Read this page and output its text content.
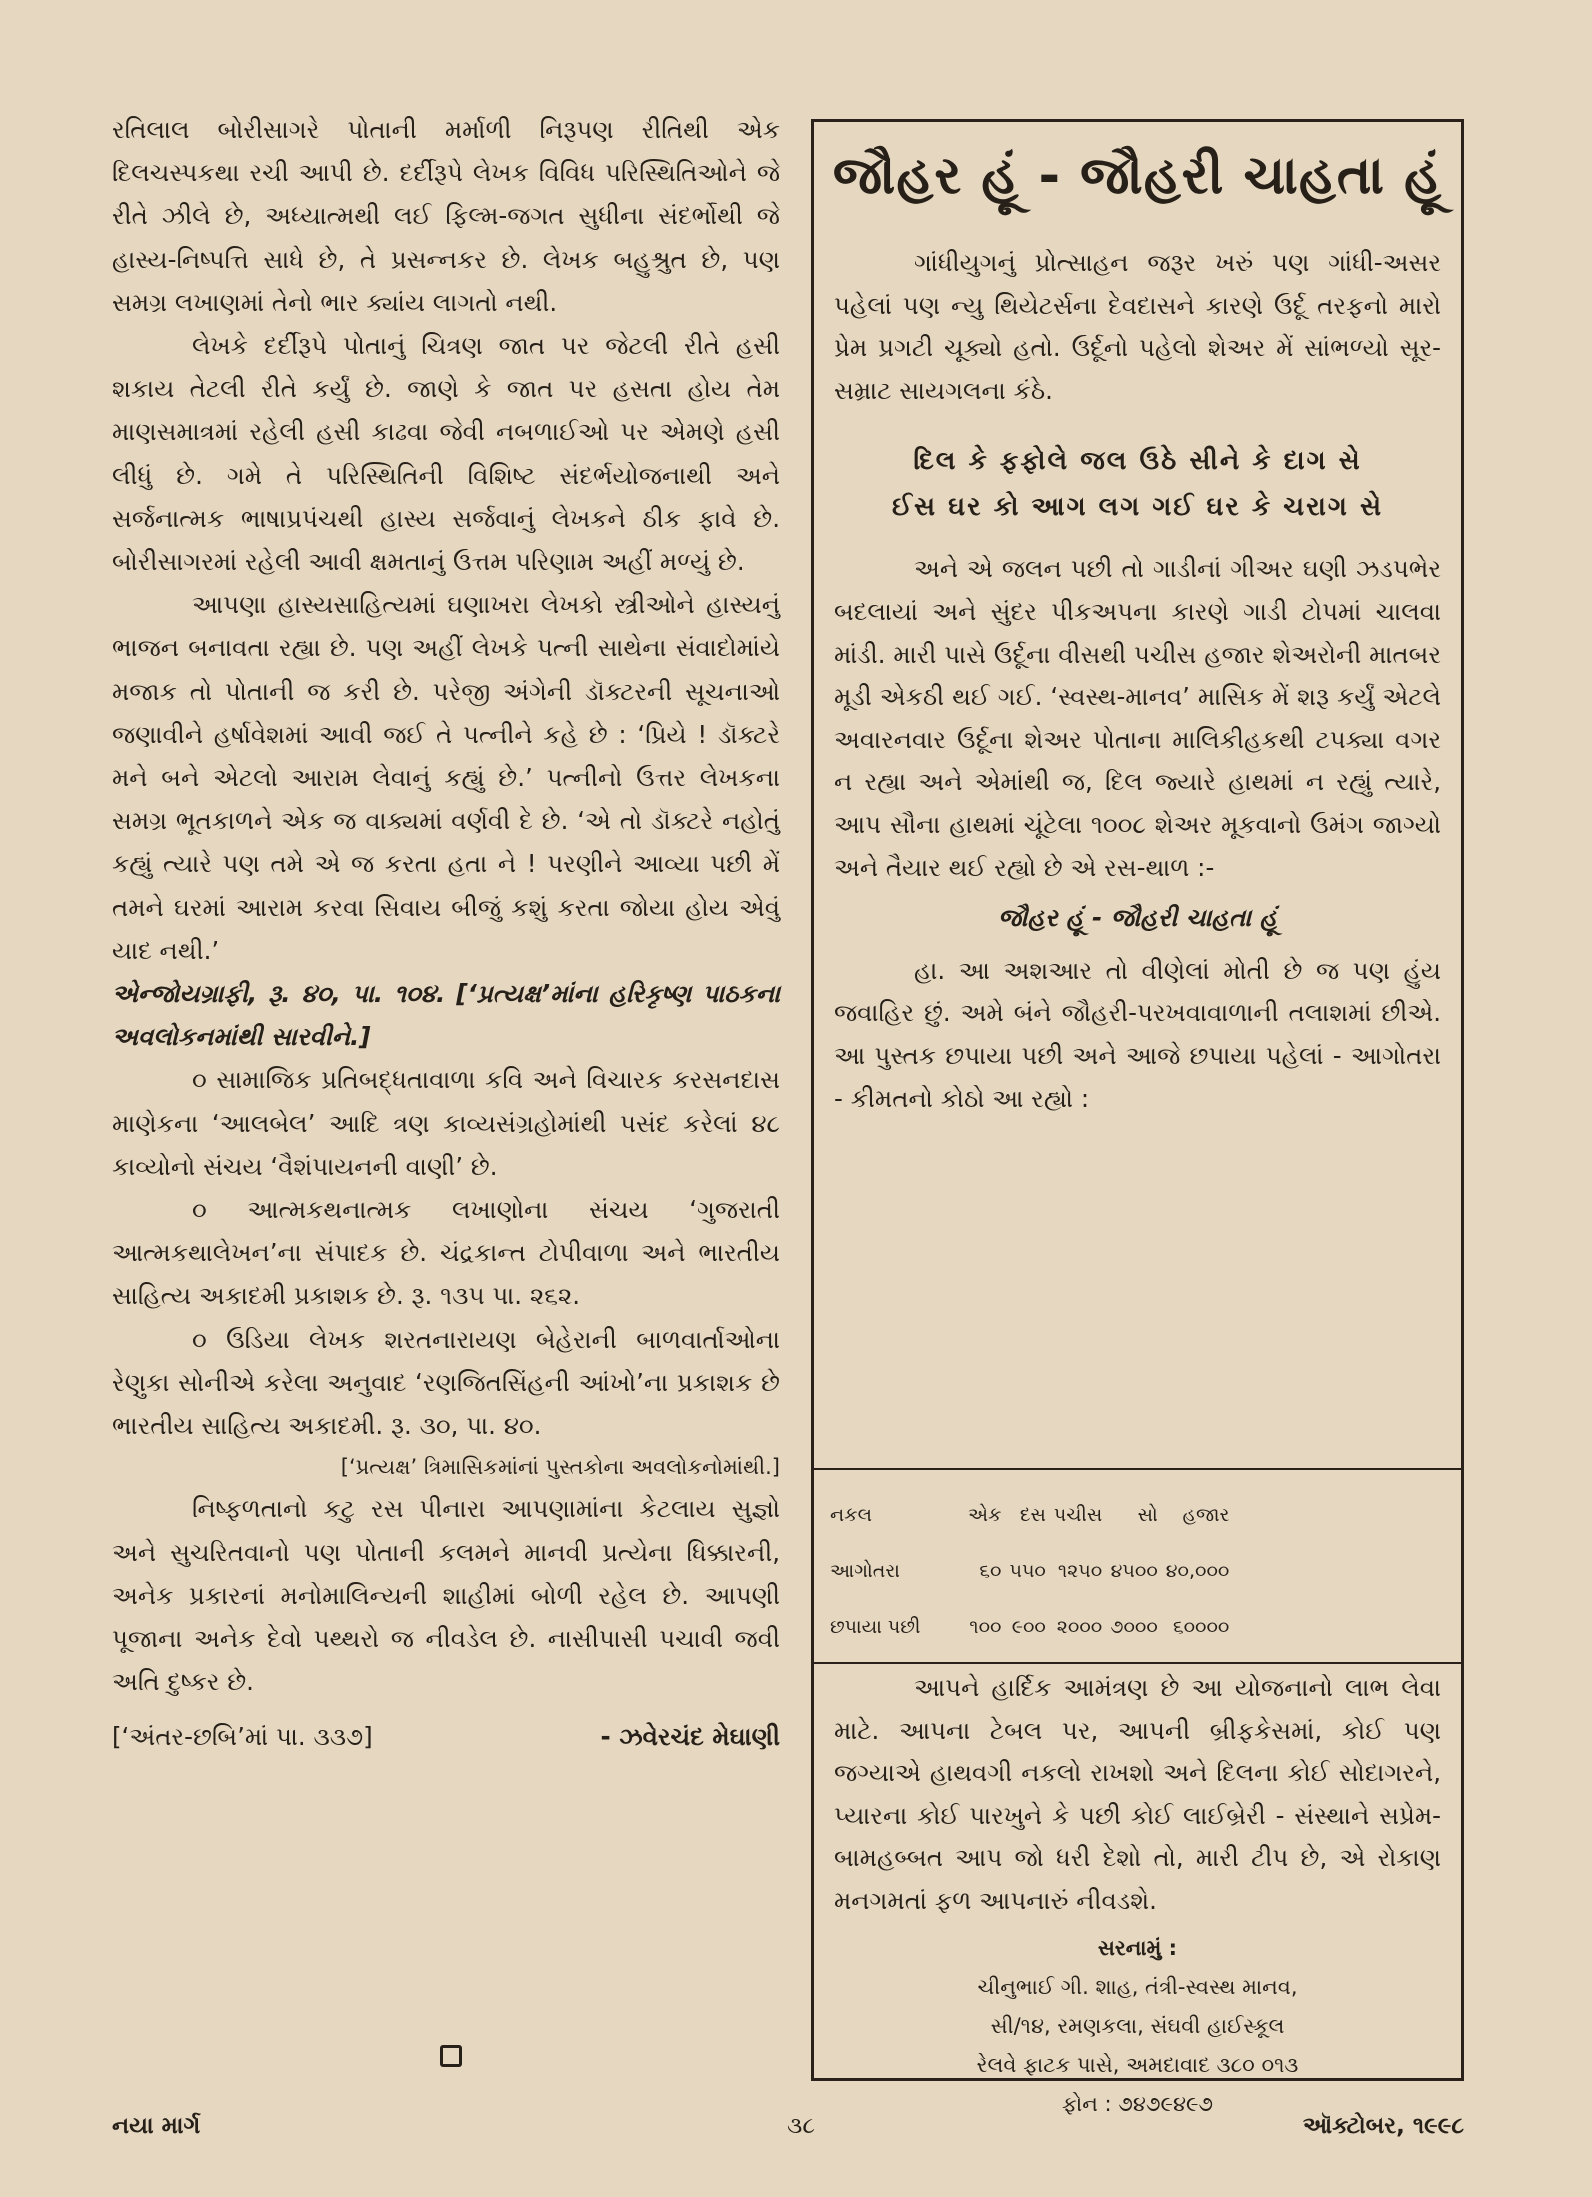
રતિલાલ બોરીસાગરે પોતાની મર્માળી નિરૂપણ રીતિથી એક દિલચસ્પકથા રચી આપી છે. દર્દીરૂપે લેખક વિવિધ પરિસ્થિતિઓને જે રીતે ઝીલે છે, અધ્યાત્મથી લઈ ફિલ્મ-જગત સુધીના સંદર્ભોથી જે હાસ્ય-નિષ્પત્તિ સાધે છે, તે પ્રસન્નકર છે. લેખક બહુશ્રુત છે, પણ સમગ્ર લખાણમાં તેનો ભાર ક્યાંય લાગતો નથી.

લેખકે દર્દીરૂપે પોતાનું ચિત્રણ જાત પર જેટલી રીતે હસી શકાય તેટલી રીતે કર્યું છે. જાણે કે જાત પર હસતા હોય તેમ માણસમાત્રમાં રહેલી હસી કાઢવા જેવી નબળાઈઓ પર એમણે હસી લીધું છે. ગમે તે પરિસ્થિતિની વિશિષ્ટ સંદર્ભયોજનાથી અને સર્જનાત્મક ભાષાપ્રપંચથી હાસ્ય સર્જવાનું લેખકને ઠીક ફાવે છે. બોરીસાગરમાં રહેલી આવી ક્ષમતાનું ઉત્તમ પરિણામ અહીં મળ્યું છે.

આપણા હાસ્યસાહિત્યમાં ઘણાખરા લેખકો સ્ત્રીઓને હાસ્યનું ભાજન બનાવતા રહ્યા છે. પણ અહીં લેખકે પત્ની સાથેના સંવાદોમાંયે મજાક તો પોતાની જ કરી છે. પરેજી અંગેની ડૉક્ટરની સૂચનાઓ જણાવીને હર્ષાવેશમાં આવી જઈ તે પત્નીને કહે છે : ‘પ્રિયે ! ડૉક્ટરે મને બને એટલો આરામ લેવાનું કહ્યું છે.’ પત્નીનો ઉત્તર લેખકના સમગ્ર ભૂતકાળને એક જ વાક્યમાં વર્ણવી દે છે. ‘એ તો ડૉક્ટરે નહોતું કહ્યું ત્યારે પણ તમે એ જ કરતા હતા ને ! પરણીને આવ્યા પછી મેં તમને ઘરમાં આરામ કરવા સિવાય બીજું કશું કરતા જોયા હોય એવું યાદ નથી.’

એન્જોયગ્રાફી, રૂ. ૪૦, પા. ૧૦૪. [‘પ્રત્યક્ષ’માંના હરિકૃષ્ણ પાઠકના અવલોકનમાંથી સારવીને.]

૦ સામાજિક પ્રતિબદ્ધતાવાળા કવિ અને વિચારક કરસનદાસ માણેકના ‘આલબેલ’ આદિ ત્રણ કાવ્યસંગ્રહોમાંથી પસંદ કરેલાં ૪૮ કાવ્યોનો સંચય ‘વૈશંપાયનની વાણી’ છે.

૦ આત્મકથનાત્મક લખાણોના સંચય ‘ગુજરાતી આત્મકથાલેખન’ના સંપાદક છે. ચંદ્રકાન્ત ટોપીવાળા અને ભારતીય સાહિત્ય અકાદમી પ્રકાશક છે. રૂ. ૧૩૫ પા. ૨૬૨.

૦ ઉડિયા લેખક શરતનારાયણ બેહેરાની બાળવાર્તાઓના રેણુકા સોનીએ કરેલા અનુવાદ ‘રણજિતસિંહની આંખો’ના પ્રકાશક છે ભારતીય સાહિત્ય અકાદમી. રૂ. ૩૦, પા. ૪૦.

[‘પ્રત્યક્ષ’ ત્રિમાસિકમાંનાં પુસ્તકોના અવલોકનોમાંથી.]

નિષ્ફળતાનો કટુ રસ પીનારા આપણામાંના કેટલાય સુજ્ઞો અને સુચરિતવાનો પણ પોતાની કલમને માનવી પ્રત્યેના ધિક્કારની, અનેક પ્રકારનાં મનોમાલિન્યની શાહીમાં બોળી રહેલ છે. આપણી પૂજાના અનેક દેવો પથ્થરો જ નીવડેલ છે. નાસીપાસી પચાવી જવી અતિ દુષ્કર છે.

[‘અંતર-છબિ’માં પા. ૩૩૭]	- ઝવેરચંદ મેઘાણી
જૌહર હૂં - જૌહરી ચાહતા હૂં

ગાંધીયુગનું પ્રોત્સાહન જરૂર ખરું પણ ગાંધી-અસર પહેલાં પણ ન્યુ થિયેટર્સના દેવદાસને કારણે ઉર્દૂ તરફનો મારો પ્રેમ પ્રગટી ચૂક્યો હતો. ઉર્દૂનો પહેલો શેઅર મેં સાંભળ્યો સૂર-સમ્રાટ સાયગલના કંઠે.

દિલ કે ફફોલે જલ ઉઠે સીને કે દાગ સે
ઈસ ઘર કો આગ લગ ગઈ ઘર કે ચરાગ સે

અને એ જલન પછી તો ગાડીનાં ગીઅર ઘણી ઝડપભેર બદલાયાં અને સુંદર પીકઅપના કારણે ગાડી ટોપમાં ચાલવા માંડી. મારી પાસે ઉર્દૂના વીસથી પચીસ હજાર શેઅરોની માતબર મૂડી એકઠી થઈ ગઈ. ‘સ્વસ્થ-માનવ’ માસિક મેં શરૂ કર્યું એટલે અવારનવાર ઉર્દૂના શેઅર પોતાના માલિકીહકથી ટપક્યા વગર ન રહ્યા અને એમાંથી જ, દિલ જ્યારે હાથમાં ન રહ્યું ત્યારે, આપ સૌના હાથમાં ચૂંટેલા ૧૦૦૮ શેઅર મૂકવાનો ઉમંગ જાગ્યો અને તૈયાર થઈ રહ્યો છે એ રસ-થાળ :-

જૌહર હૂં - જૌહરી ચાહતા હૂં

હા. આ અશઆર તો વીણેલાં મોતી છે જ પણ હુંય જવાહિર છું. અમે બંને જૌહરી-પરખવાવાળાની તલાશમાં છીએ. આ પુસ્તક છપાયા પછી અને આજે છપાયા પહેલાં - આગોતરા - કીમતનો કોઠો આ રહ્યો :

નકલ	એક	દસ	પચીસ	સો	હજાર
આગોતરા	૬૦	૫૫૦	૧૨૫૦	૪૫૦૦	૪૦,૦૦૦
છપાયા પછી	૧૦૦	૯૦૦	૨૦૦૦	૭૦૦૦	૬૦૦૦૦

આપને હાર્દિક આમંત્રણ છે આ યોજનાનો લાભ લેવા માટે. આપના ટેબલ પર, આપની બ્રીફકેસમાં, કોઈ પણ જગ્યાએ હાથવગી નકલો રાખશો અને દિલના કોઈ સોદાગરને, પ્યારના કોઈ પારખુને કે પછી કોઈ લાઈબ્રેરી - સંસ્થાને સપ્રેમ-બામહબ્બત આપ જો ધરી દેશો તો, મારી ટીપ છે, એ રોકાણ મનગમતાં ફળ આપનારું નીવડશે.

સરનામું :
ચીનુભાઈ ગી. શાહ, તંત્રી-સ્વસ્થ માનવ,
સી/૧૪, રમણકલા, સંઘવી હાઈસ્કૂલ
રેલવે ફાટક પાસે, અમદાવાદ ૩૮૦ ૦૧૩
ફોન : ૭૪૭૯૪૯૭
નયા માર્ગ	૩૮	ઑક્ટોબર, ૧૯૯૮
